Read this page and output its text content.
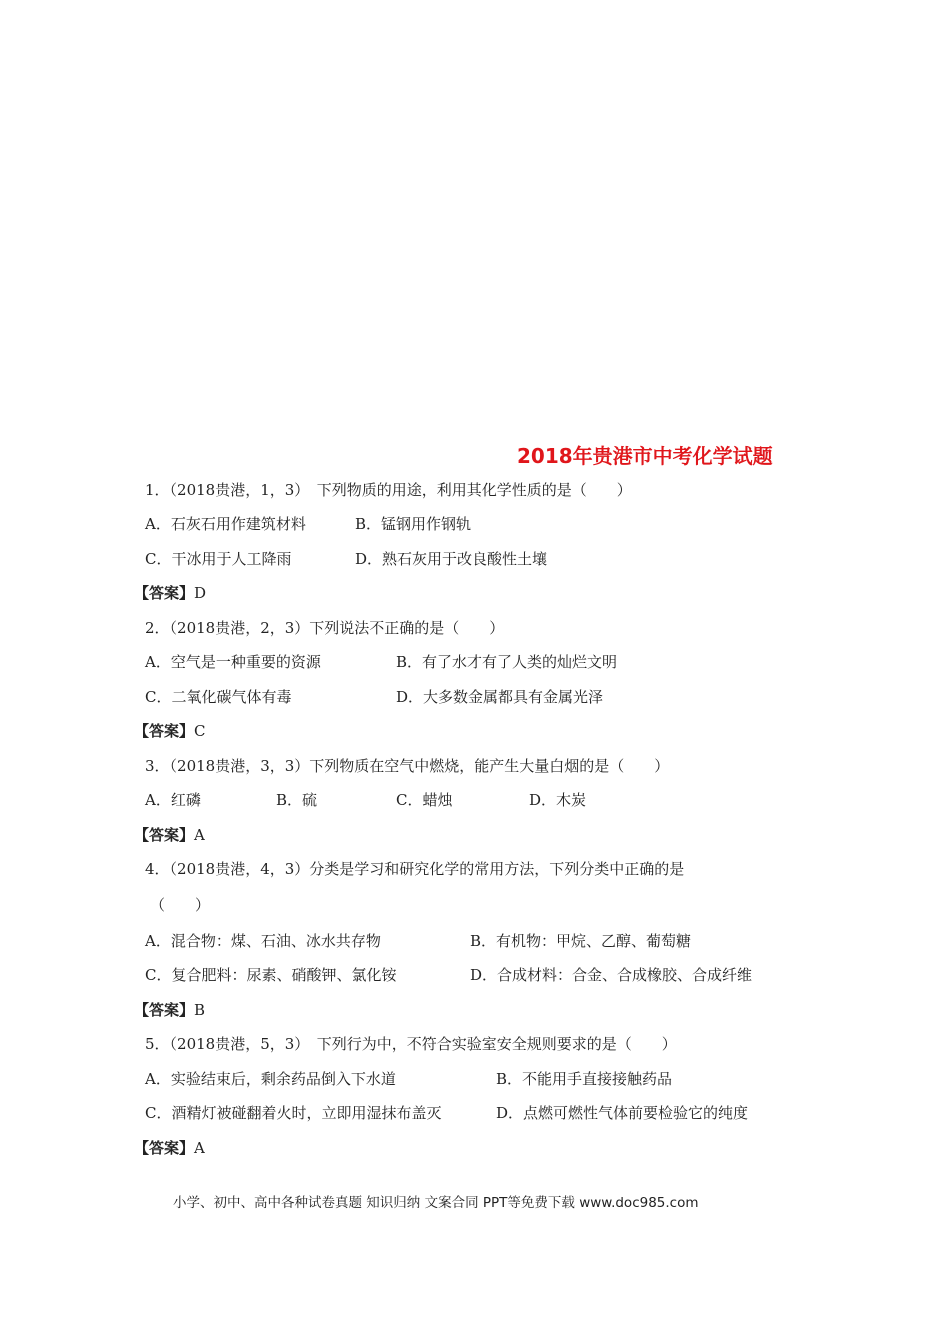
2018年贵港市中考化学试题
1．（2018贵港，1，3）　下列物质的用途，利用其化学性质的是（　　）
A．石灰石用作建筑材料	B．锰钢用作钢轨
C．干冰用于人工降雨	D．熟石灰用于改良酸性土壤
【答案】D
2．（2018贵港，2，3）下列说法不正确的是（　　）
A．空气是一种重要的资源	B．有了水才有了人类的灿烂文明
C．二氧化碳气体有毒	D．大多数金属都具有金属光泽
【答案】C
3．（2018贵港，3，3）下列物质在空气中燃烧，能产生大量白烟的是（　　）
A．红磷	B．硫	C．蜡烛	D．木炭
【答案】A
4．（2018贵港，4，3）分类是学习和研究化学的常用方法，下列分类中正确的是
（　　）
A．混合物：煤、石油、冰水共存物	B．有机物：甲烷、乙醇、葡萄糖
C．复合肥料：尿素、硝酸钾、氯化铵	D．合成材料：合金、合成橡胶、合成纤维
【答案】B
5．（2018贵港，5，3）　下列行为中，不符合实验室安全规则要求的是（　　）
A．实验结束后，剩余药品倒入下水道	B．不能用手直接接触药品
C．酒精灯被碰翻着火时，立即用湿抹布盖灭	D．点燃可燃性气体前要检验它的纯度
【答案】A
小学、初中、高中各种试卷真题 知识归纳 文案合同 PPT等免费下载 www.doc985.com
